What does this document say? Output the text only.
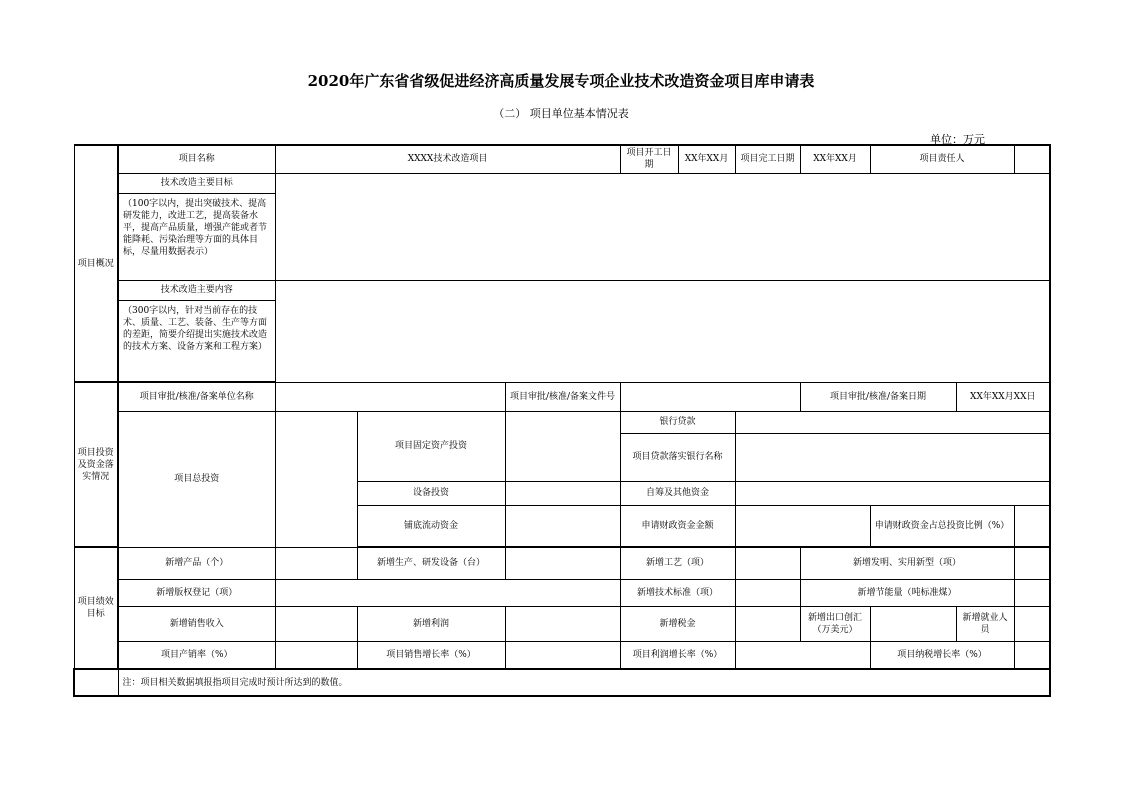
2020年广东省省级促进经济高质量发展专项企业技术改造资金项目库申请表
（二） 项目单位基本情况表
单位：万元
项目概况	项目名称	XXXX技术改造项目			项目开工日期	XX年XX月	项目完工日期	XX年XX月	项目责任人		
	技术改造主要目标										
	（100字以内，提出突破技术、提高研发能力，改进工艺，提高装备水平，提高产品质量，增强产能或者节能降耗、污染治理等方面的具体目标，尽量用数据表示）										
	技术改造主要内容										
	（300字以内，针对当前存在的技术、质量、工艺、装备、生产等方面的差距，简要介绍提出实施技术改造的技术方案、设备方案和工程方案）										
项目投资及资金落实情况	项目审批/核准/备案单位名称			项目审批/核准/备案文件号				项目审批/核准/备案日期		XX年XX月XX日	
	项目总投资		项目固定资产投资		银行贷款						
					项目贷款落实银行名称						
			设备投资		自筹及其他资金						
			铺底流动资金		申请财政资金金额				申请财政资金占总投资比例（%）		
项目绩效目标	新增产品（个）		新增生产、研发设备（台）		新增工艺（项）			新增发明、实用新型（项）			
	新增版权登记（项）				新增技术标准（项）			新增节能量（吨标准煤）			
	新增销售收入		新增利润		新增税金			新增出口创汇（万美元）		新增就业人员	
	项目产销率（%）		项目销售增长率（%）		项目利润增长率（%）				项目纳税增长率（%）		
	注：项目相关数据填报指项目完成时预计所达到的数值。										
